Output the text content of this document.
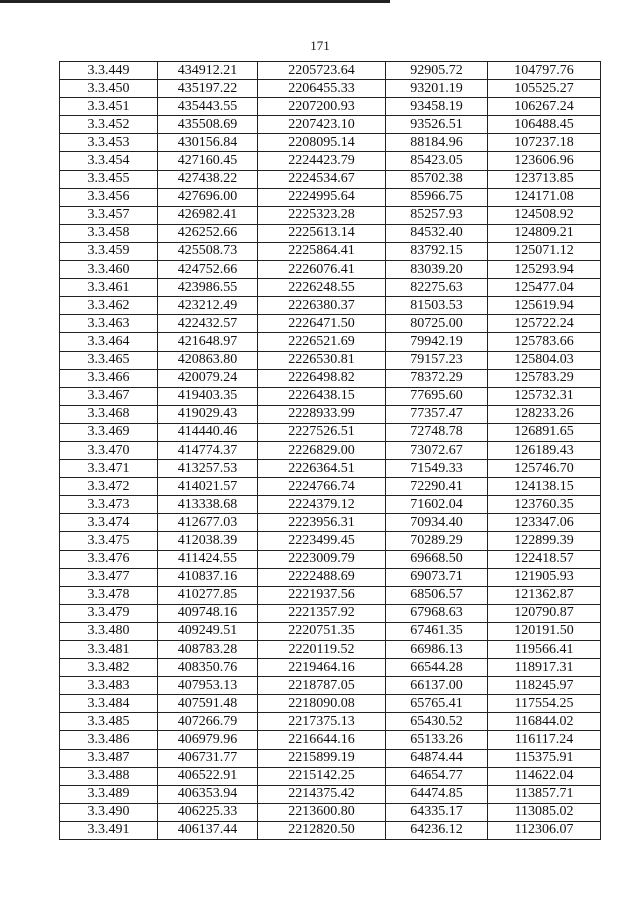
171
3.3.449	434912.21	2205723.64	92905.72	104797.76
3.3.450	435197.22	2206455.33	93201.19	105525.27
3.3.451	435443.55	2207200.93	93458.19	106267.24
3.3.452	435508.69	2207423.10	93526.51	106488.45
3.3.453	430156.84	2208095.14	88184.96	107237.18
3.3.454	427160.45	2224423.79	85423.05	123606.96
3.3.455	427438.22	2224534.67	85702.38	123713.85
3.3.456	427696.00	2224995.64	85966.75	124171.08
3.3.457	426982.41	2225323.28	85257.93	124508.92
3.3.458	426252.66	2225613.14	84532.40	124809.21
3.3.459	425508.73	2225864.41	83792.15	125071.12
3.3.460	424752.66	2226076.41	83039.20	125293.94
3.3.461	423986.55	2226248.55	82275.63	125477.04
3.3.462	423212.49	2226380.37	81503.53	125619.94
3.3.463	422432.57	2226471.50	80725.00	125722.24
3.3.464	421648.97	2226521.69	79942.19	125783.66
3.3.465	420863.80	2226530.81	79157.23	125804.03
3.3.466	420079.24	2226498.82	78372.29	125783.29
3.3.467	419403.35	2226438.15	77695.60	125732.31
3.3.468	419029.43	2228933.99	77357.47	128233.26
3.3.469	414440.46	2227526.51	72748.78	126891.65
3.3.470	414774.37	2226829.00	73072.67	126189.43
3.3.471	413257.53	2226364.51	71549.33	125746.70
3.3.472	414021.57	2224766.74	72290.41	124138.15
3.3.473	413338.68	2224379.12	71602.04	123760.35
3.3.474	412677.03	2223956.31	70934.40	123347.06
3.3.475	412038.39	2223499.45	70289.29	122899.39
3.3.476	411424.55	2223009.79	69668.50	122418.57
3.3.477	410837.16	2222488.69	69073.71	121905.93
3.3.478	410277.85	2221937.56	68506.57	121362.87
3.3.479	409748.16	2221357.92	67968.63	120790.87
3.3.480	409249.51	2220751.35	67461.35	120191.50
3.3.481	408783.28	2220119.52	66986.13	119566.41
3.3.482	408350.76	2219464.16	66544.28	118917.31
3.3.483	407953.13	2218787.05	66137.00	118245.97
3.3.484	407591.48	2218090.08	65765.41	117554.25
3.3.485	407266.79	2217375.13	65430.52	116844.02
3.3.486	406979.96	2216644.16	65133.26	116117.24
3.3.487	406731.77	2215899.19	64874.44	115375.91
3.3.488	406522.91	2215142.25	64654.77	114622.04
3.3.489	406353.94	2214375.42	64474.85	113857.71
3.3.490	406225.33	2213600.80	64335.17	113085.02
3.3.491	406137.44	2212820.50	64236.12	112306.07
